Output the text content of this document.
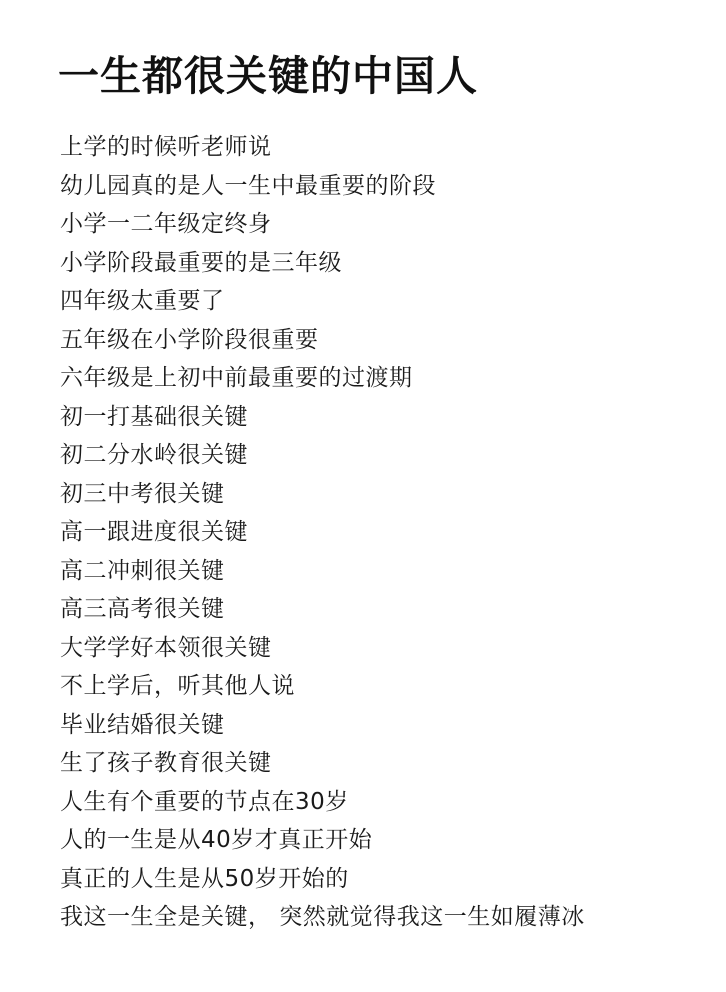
一生都很关键的中国人
上学的时候听老师说
幼儿园真的是人一生中最重要的阶段
小学一二年级定终身
小学阶段最重要的是三年级
四年级太重要了
五年级在小学阶段很重要
六年级是上初中前最重要的过渡期
初一打基础很关键
初二分水岭很关键
初三中考很关键
高一跟进度很关键
高二冲刺很关键
高三高考很关键
大学学好本领很关键
不上学后，听其他人说
毕业结婚很关键
生了孩子教育很关键
人生有个重要的节点在30岁
人的一生是从40岁才真正开始
真正的人生是从50岁开始的
我这一生全是关键， 突然就觉得我这一生如履薄冰
